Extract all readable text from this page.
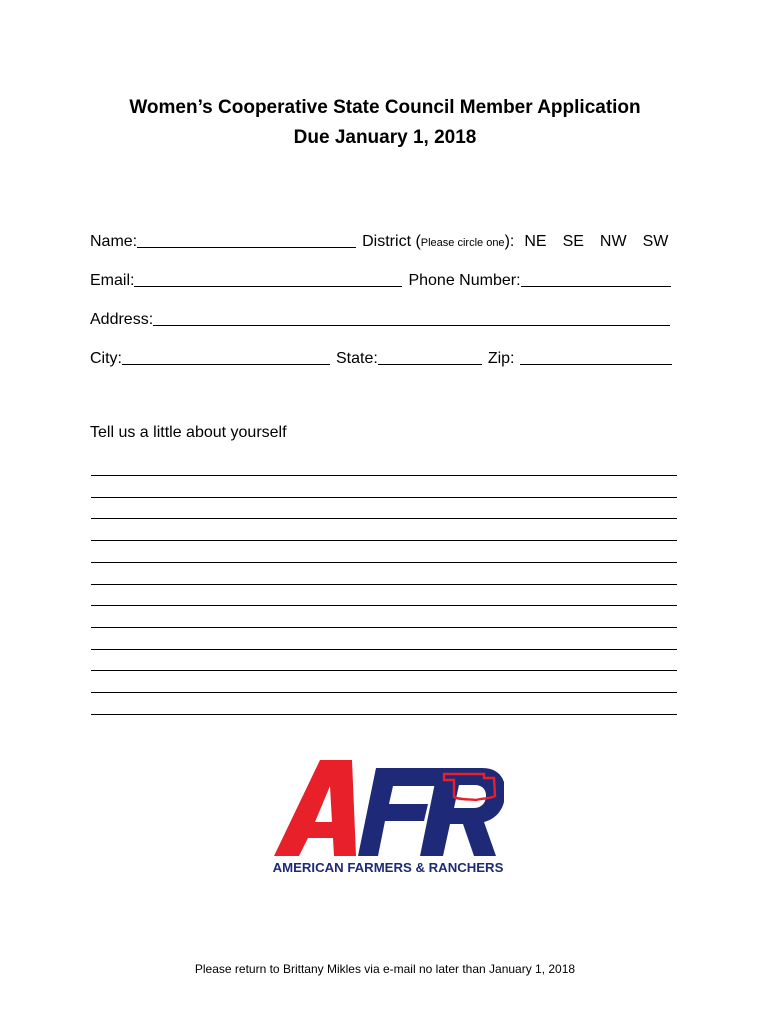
Women’s Cooperative State Council Member Application
Due January 1, 2018
Name:	District ( Please circle one ): NE SE NW SW
Email:	Phone Number:
Address:
City:	State:	Zip:
Tell us a little about yourself
AMERICAN FARMERS & RANCHERS
Please return to Brittany Mikles via e-mail no later than January 1, 2018
